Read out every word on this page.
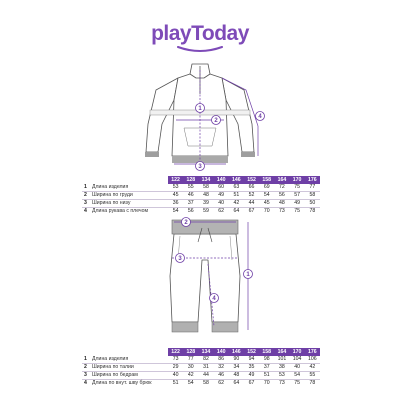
playToday
1
2
3
4
		122	128	134	140	146	152	158	164	170	176
1	Длина изделия	53	55	58	60	63	66	69	72	75	77
2	Ширина по груди	45	46	48	49	51	52	54	56	57	58
3	Ширина по низу	36	37	39	40	42	44	45	48	49	50
4	Длина рукава с плечом	54	56	59	62	64	67	70	73	75	78
1
2
3
4
		122	128	134	140	146	152	158	164	170	176
1	Длина изделия	73	77	82	86	90	94	98	101	104	106
2	Ширина по талии	29	30	31	32	34	35	37	38	40	42
3	Ширина по бедрам	40	42	44	46	48	49	51	53	54	55
4	Длина по внут. шву брюк	51	54	58	62	64	67	70	73	75	78
